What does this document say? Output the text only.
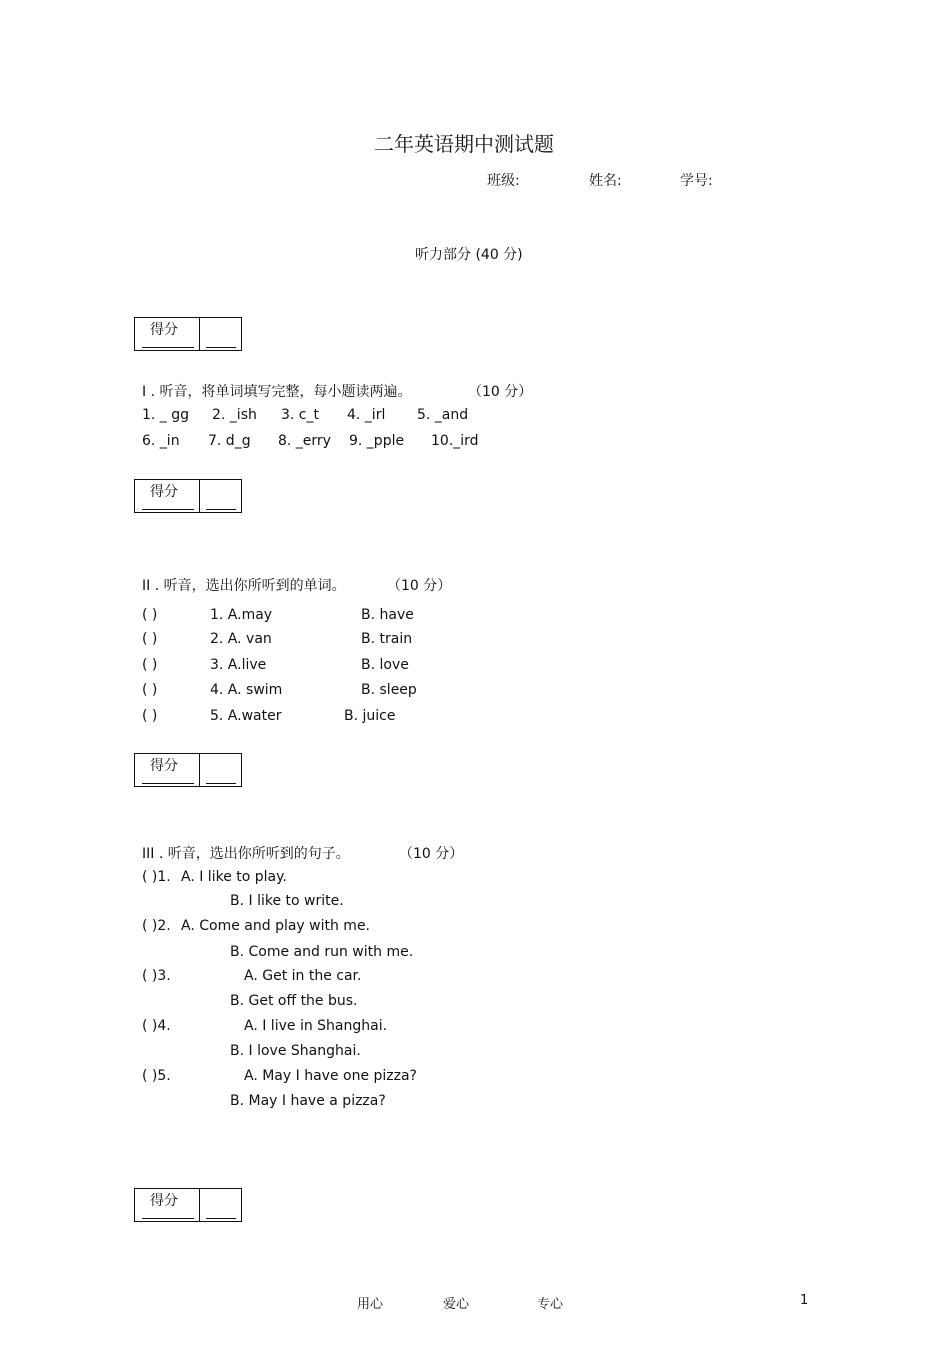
二年英语期中测试题
班级:	姓名:	学号:
听力部分 (40 分)
得分
I . 听音，将单词填写完整，每小题读两遍。	（10 分）
1. _ gg 2. _ish 3. c_t 4. _irl 5. _and
6. _in 7. d_g 8. _erry 9. _pple 10._ird
得分
II . 听音，选出你所听到的单词。	（10 分）
( )	1. A.may	B. have
( )	2. A. van	B. train
( )	3. A.live	B. love
( )	4. A. swim	B. sleep
( )	5. A.water	B. juice
得分
III . 听音，选出你所听到的句子。	（10 分）
( )1. A. I like to play.
B. I like to write.
( )2. A. Come and play with me.
B. Come and run with me.
( )3.	A. Get in the car.
B. Get off the bus.
( )4.	A. I live in Shanghai.
B. I love Shanghai.
( )5.	A. May I have one pizza?
B. May I have a pizza?
得分
用心	爱心	专心	1
